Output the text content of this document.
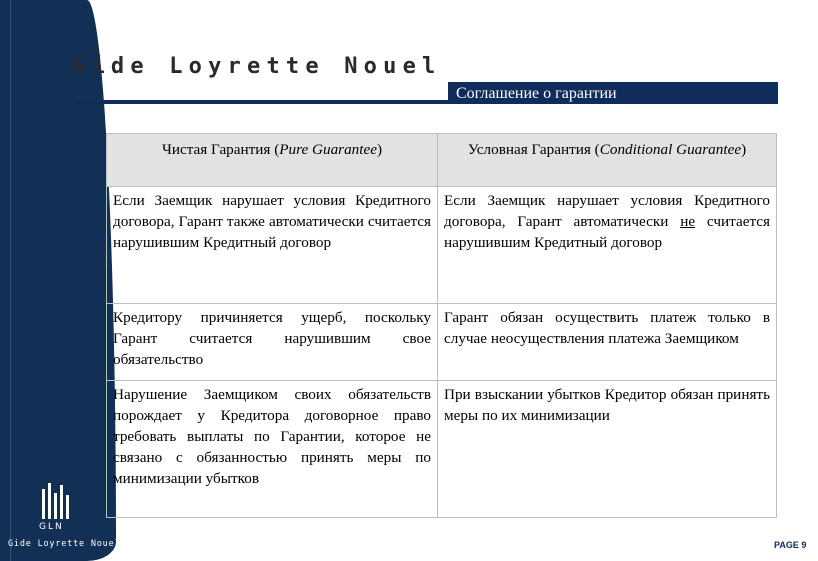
GLN
Gide Loyrette Nouel
Gide Loyrette Nouel
Соглашение о гарантии
Чистая Гарантия (Pure Guarantee)	Условная Гарантия (Conditional Guarantee)
Если Заемщик нарушает условия Кредитного договора, Гарант также автоматически считается нарушившим Кредитный договор	Если Заемщик нарушает условия Кредитного договора, Гарант автоматически не считается нарушившим Кредитный договор
Кредитору причиняется ущерб, поскольку Гарант считается нарушившим свое обязательство	Гарант обязан осуществить платеж только в случае неосуществления платежа Заемщиком
Нарушение Заемщиком своих обязательств порождает у Кредитора договорное право требовать выплаты по Гарантии, которое не связано с обязанностью принять меры по минимизации убытков	При взыскании убытков Кредитор обязан принять меры по их минимизации
PAGE 9
